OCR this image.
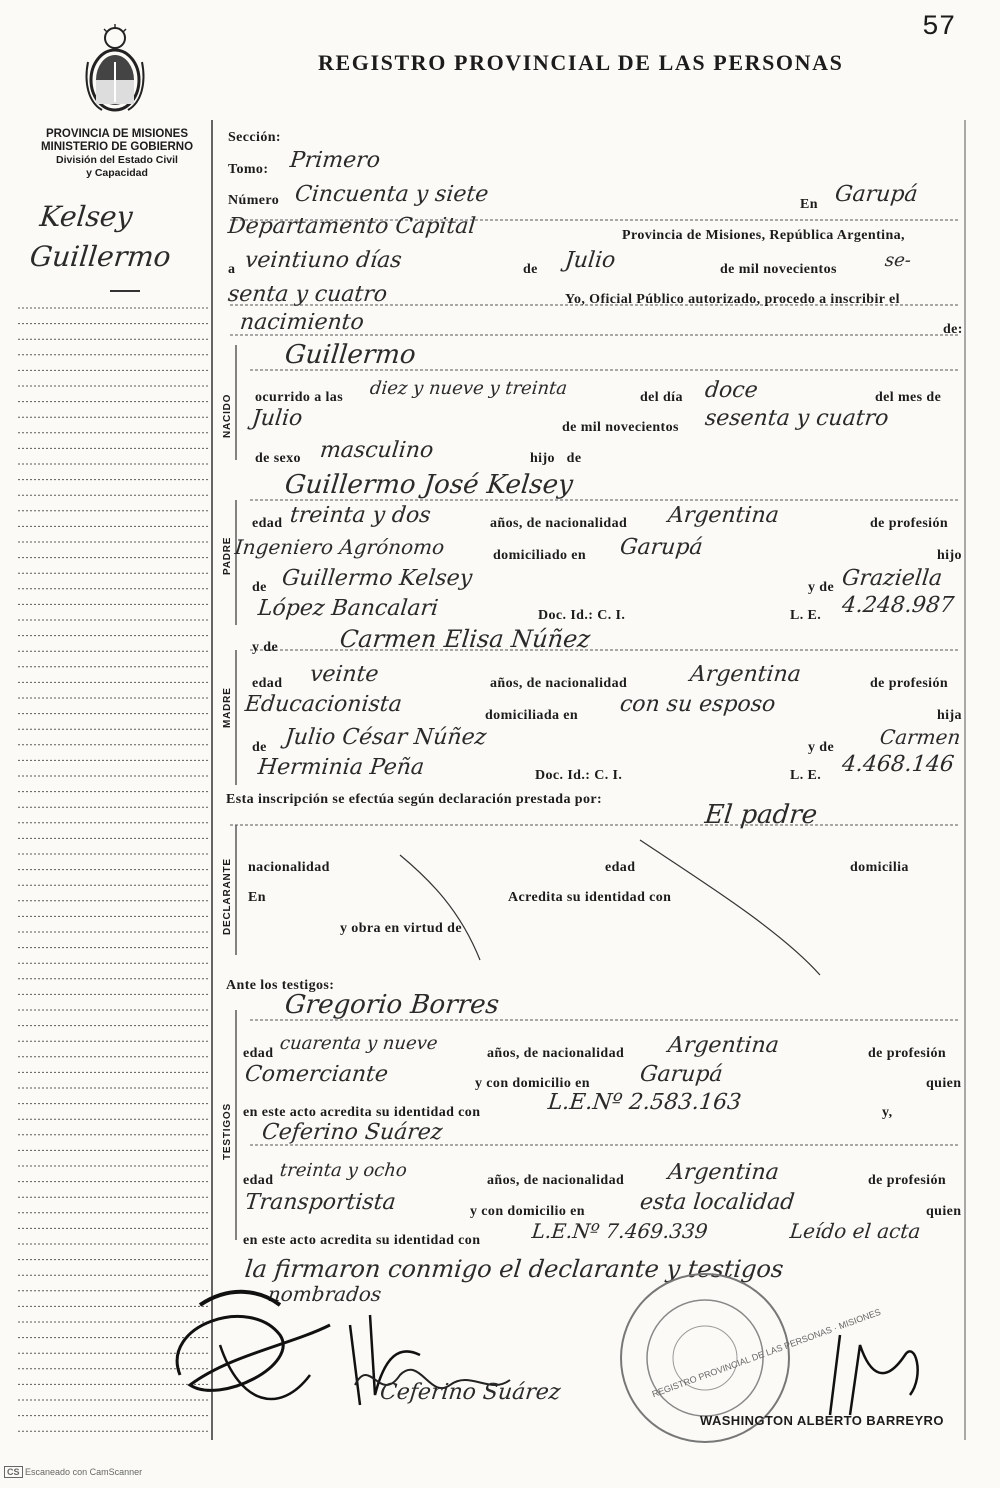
57
REGISTRO PROVINCIAL DE LAS PERSONAS
PROVINCIA DE MISIONES
MINISTERIO DE GOBIERNO
División del Estado Civil
y Capacidad
Kelsey
Guillermo
NACIDO
PADRE
MADRE
DECLARANTE
TESTIGOS
Sección:
Tomo: Primero
Número Cincuenta y siete	En Garupá
Departamento Capital	Provincia de Misiones, República Argentina,
a veintiuno días	de Julio	de mil novecientos	se-
senta y cuatro	Yo, Oficial Público autorizado, procedo a inscribir el
nacimiento	de:
Guillermo
ocurrido a las diez y nueve y treinta	del día doce	del mes de
Julio	de mil novecientos sesenta y cuatro
de sexo masculino	hijo de
Guillermo José Kelsey
edad treinta y dos	años, de nacionalidad Argentina	de profesión
Ingeniero Agrónomo	domiciliado en Garupá	hijo
de Guillermo Kelsey	y de Graziella
López Bancalari	Doc. Id.: C. I.	L. E. 4.248.987
y de	Carmen Elisa Núñez
edad veinte	años, de nacionalidad	Argentina	de profesión
Educacionista	domiciliada en con su esposo	hija
de Julio César Núñez	y de Carmen
Herminia Peña	Doc. Id.: C. I.	L. E. 4.468.146
Esta inscripción se efectúa según declaración prestada por:
El padre
nacionalidad	edad	domicilia
En	Acredita su identidad con
y obra en virtud de
Ante los testigos:
Gregorio Borres
edad cuarenta y nueve	años, de nacionalidad Argentina	de profesión
Comerciante	y con domicilio en Garupá	quien
en este acto acredita su identidad con	L.E.Nº 2.583.163	y,
Ceferino Suárez
edad treinta y ocho	años, de nacionalidad Argentina	de profesión
Transportista	y con domicilio en esta localidad	quien
en este acto acredita su identidad con	L.E.Nº 7.469.339	Leído el acta
la firmaron conmigo el declarante y testigos
nombrados
Ceferino Suárez	REGISTRO PROVINCIAL DE LAS PERSONAS · MISIONES
WASHINGTON ALBERTO BARREYRO
CS Escaneado con CamScanner
